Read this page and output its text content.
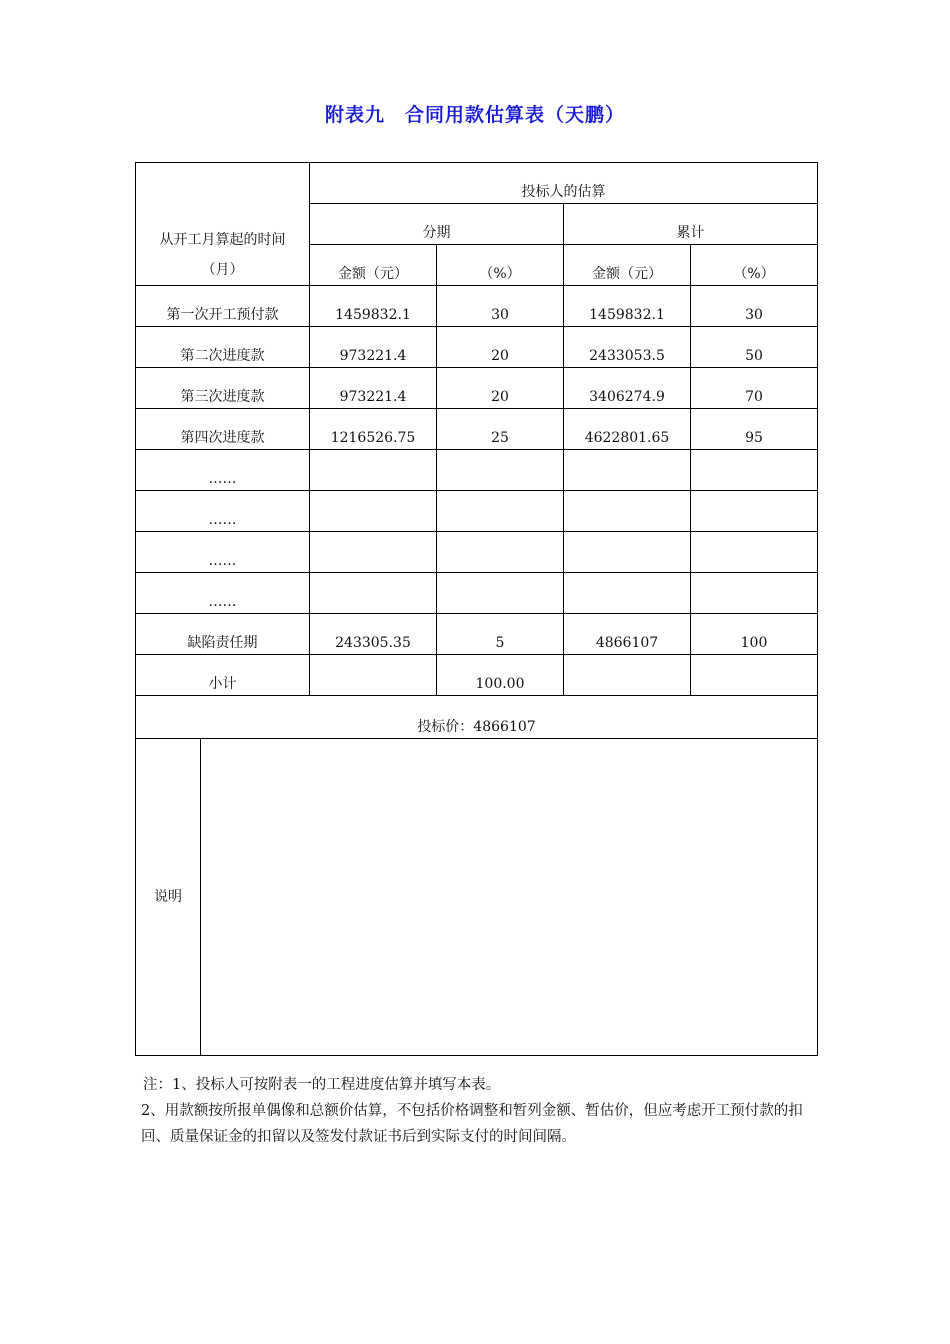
附表九　合同用款估算表（天鹏）
从开工月算起的时间（月）	投标人的估算			
	分期		累计	
	金额（元）	（%）	金额（元）	（%）
第一次开工预付款	1459832.1	30	1459832.1	30
第二次进度款	973221.4	20	2433053.5	50
第三次进度款	973221.4	20	3406274.9	70
第四次进度款	1216526.75	25	4622801.65	95
……				
……				
……				
……				
缺陷责任期	243305.35	5	4866107	100
小计		100.00		
投标价：4866107				

说明				

注：1、投标人可按附表一的工程进度估算并填写本表。

2、用款额按所报单偶像和总额价估算，不包括价格调整和暂列金额、暂估价，但应考虑开工预付款的扣回、质量保证金的扣留以及签发付款证书后到实际支付的时间间隔。
